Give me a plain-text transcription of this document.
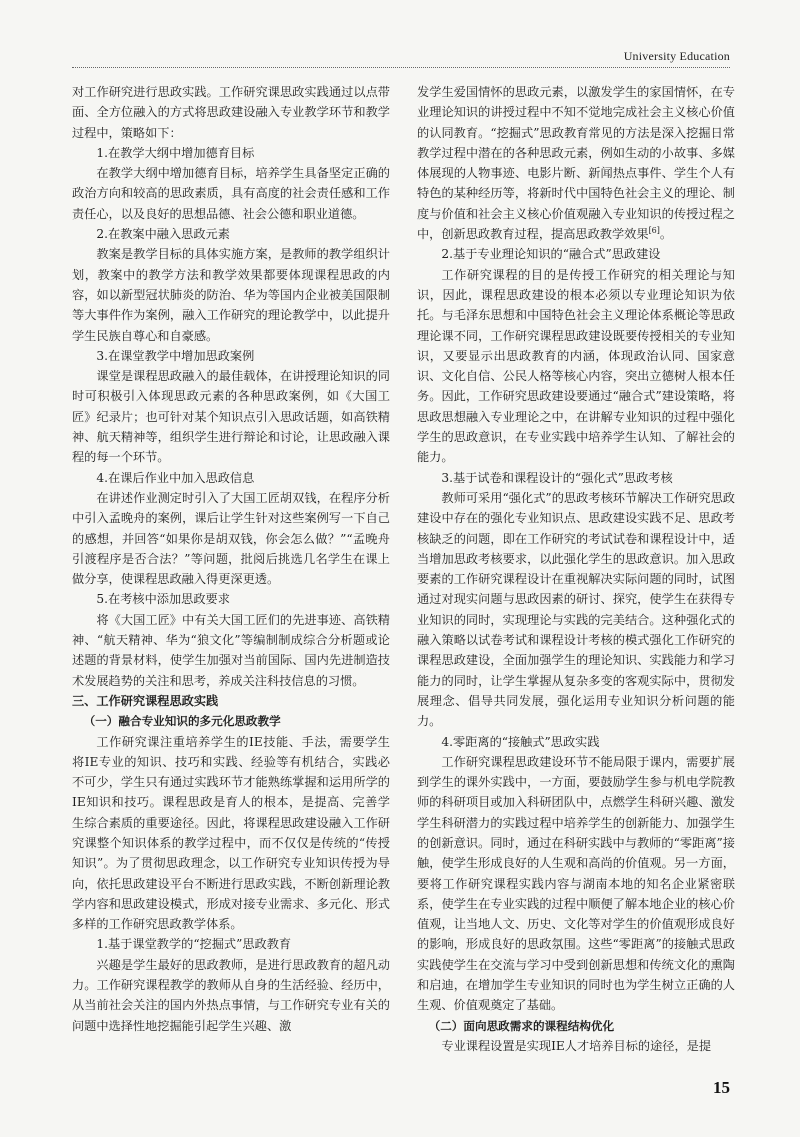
University Education

对工作研究进行思政实践。工作研究课思政实践通过以点带面、全方位融入的方式将思政建设融入专业教学环节和教学过程中，策略如下：

1.在教学大纲中增加德育目标

在教学大纲中增加德育目标，培养学生具备坚定正确的政治方向和较高的思政素质，具有高度的社会责任感和工作责任心，以及良好的思想品德、社会公德和职业道德。

2.在教案中融入思政元素

教案是教学目标的具体实施方案，是教师的教学组织计划，教案中的教学方法和教学效果都要体现课程思政的内容，如以新型冠状肺炎的防治、华为等国内企业被美国限制等大事件作为案例，融入工作研究的理论教学中，以此提升学生民族自尊心和自豪感。

3.在课堂教学中增加思政案例

课堂是课程思政融入的最佳载体，在讲授理论知识的同时可积极引入体现思政元素的各种思政案例，如《大国工匠》纪录片；也可针对某个知识点引入思政话题，如高铁精神、航天精神等，组织学生进行辩论和讨论，让思政融入课程的每一个环节。

4.在课后作业中加入思政信息

在讲述作业测定时引入了大国工匠胡双钱，在程序分析中引入孟晚舟的案例，课后让学生针对这些案例写一下自己的感想，并回答“如果你是胡双钱，你会怎么做？”“孟晚舟引渡程序是否合法？”等问题，批阅后挑选几名学生在课上做分享，使课程思政融入得更深更透。

5.在考核中添加思政要求

将《大国工匠》中有关大国工匠们的先进事迹、高铁精神、“航天精神、华为“狼文化”等编制制成综合分析题或论述题的背景材料，使学生加强对当前国际、国内先进制造技术发展趋势的关注和思考，养成关注科技信息的习惯。

三、工作研究课程思政实践

（一）融合专业知识的多元化思政教学

工作研究课注重培养学生的IE技能、手法，需要学生将IE专业的知识、技巧和实践、经验等有机结合，实践必不可少，学生只有通过实践环节才能熟练掌握和运用所学的IE知识和技巧。课程思政是育人的根本，是提高、完善学生综合素质的重要途径。因此，将课程思政建设融入工作研究课整个知识体系的教学过程中，而不仅仅是传统的“传授知识”。为了贯彻思政理念，以工作研究专业知识传授为导向，依托思政建设平台不断进行思政实践，不断创新理论教学内容和思政建设模式，形成对接专业需求、多元化、形式多样的工作研究思政教学体系。

1.基于课堂教学的“挖掘式”思政教育

兴趣是学生最好的思政教师，是进行思政教育的超凡动力。工作研究课程教学的教师从自身的生活经验、经历中，从当前社会关注的国内外热点事情，与工作研究专业有关的问题中选择性地挖掘能引起学生兴趣、激

发学生爱国情怀的思政元素，以激发学生的家国情怀，在专业理论知识的讲授过程中不知不觉地完成社会主义核心价值的认同教育。“挖掘式”思政教育常见的方法是深入挖掘日常教学过程中潜在的各种思政元素，例如生动的小故事、多媒体展现的人物事迹、电影片断、新闻热点事件、学生个人有特色的某种经历等，将新时代中国特色社会主义的理论、制度与价值和社会主义核心价值观融入专业知识的传授过程之中，创新思政教育过程，提高思政教学效果[6]。

2.基于专业理论知识的“融合式”思政建设

工作研究课程的目的是传授工作研究的相关理论与知识，因此，课程思政建设的根本必须以专业理论知识为依托。与毛泽东思想和中国特色社会主义理论体系概论等思政理论课不同，工作研究课程思政建设既要传授相关的专业知识，又要显示出思政教育的内涵，体现政治认同、国家意识、文化自信、公民人格等核心内容，突出立德树人根本任务。因此，工作研究思政建设要通过“融合式”建设策略，将思政思想融入专业理论之中，在讲解专业知识的过程中强化学生的思政意识，在专业实践中培养学生认知、了解社会的能力。

3.基于试卷和课程设计的“强化式”思政考核

教师可采用“强化式”的思政考核环节解决工作研究思政建设中存在的强化专业知识点、思政建设实践不足、思政考核缺乏的问题，即在工作研究的考试试卷和课程设计中，适当增加思政考核要求，以此强化学生的思政意识。加入思政要素的工作研究课程设计在重视解决实际问题的同时，试图通过对现实问题与思政因素的研讨、探究，使学生在获得专业知识的同时，实现理论与实践的完美结合。这种强化式的融入策略以试卷考试和课程设计考核的模式强化工作研究的课程思政建设，全面加强学生的理论知识、实践能力和学习能力的同时，让学生掌握从复杂多变的客观实际中，贯彻发展理念、倡导共同发展，强化运用专业知识分析问题的能力。

4.零距离的“接触式”思政实践

工作研究课程思政建设环节不能局限于课内，需要扩展到学生的课外实践中，一方面，要鼓励学生参与机电学院教师的科研项目或加入科研团队中，点燃学生科研兴趣、激发学生科研潜力的实践过程中培养学生的创新能力、加强学生的创新意识。同时，通过在科研实践中与教师的“零距离”接触，使学生形成良好的人生观和高尚的价值观。另一方面，要将工作研究课程实践内容与湖南本地的知名企业紧密联系，使学生在专业实践的过程中顺便了解本地企业的核心价值观，让当地人文、历史、文化等对学生的价值观形成良好的影响，形成良好的思政氛围。这些“零距离”的接触式思政实践使学生在交流与学习中受到创新思想和传统文化的熏陶和启迪，在增加学生专业知识的同时也为学生树立正确的人生观、价值观奠定了基础。

（二）面向思政需求的课程结构优化

专业课程设置是实现IE人才培养目标的途径，是提

15
